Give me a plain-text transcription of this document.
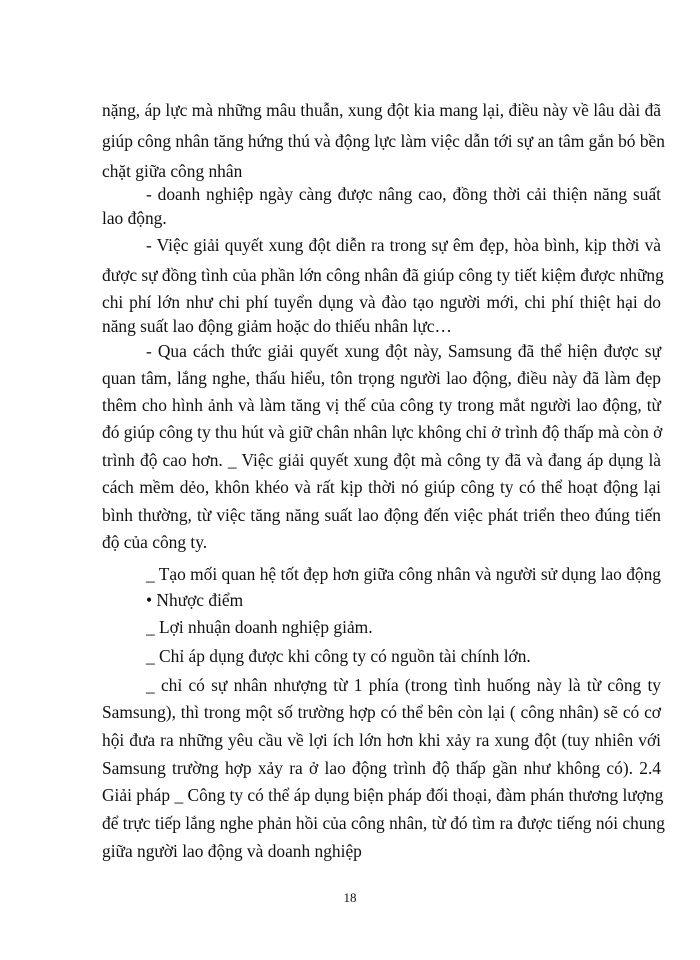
nặng, áp lực mà những mâu thuẫn, xung đột kia mang lại, điều này về lâu dài đã
giúp công nhân tăng hứng thú và động lực làm việc dẫn tới sự an tâm gắn bó bền
chặt giữa công nhân
- doanh nghiệp ngày càng được nâng cao, đồng thời cải thiện năng suất
lao động.
- Việc giải quyết xung đột diễn ra trong sự êm đẹp, hòa bình, kịp thời và
được sự đồng tình của phần lớn công nhân đã giúp công ty tiết kiệm được những
chi phí lớn như chi phí tuyển dụng và đào tạo người mới, chi phí thiệt hại do
năng suất lao động giảm hoặc do thiếu nhân lực…
- Qua cách thức giải quyết xung đột này, Samsung đã thể hiện được sự
quan tâm, lắng nghe, thấu hiểu, tôn trọng người lao động, điều này đã làm đẹp
thêm cho hình ảnh và làm tăng vị thế của công ty trong mắt người lao động, từ
đó giúp công ty thu hút và giữ chân nhân lực không chỉ ở trình độ thấp mà còn ở
trình độ cao hơn. _ Việc giải quyết xung đột mà công ty đã và đang áp dụng là
cách mềm dẻo, khôn khéo và rất kịp thời nó giúp công ty có thể hoạt động lại
bình thường, từ việc tăng năng suất lao động đến việc phát triển theo đúng tiến
độ của công ty.
_ Tạo mối quan hệ tốt đẹp hơn giữa công nhân và người sử dụng lao động
• Nhược điểm
_ Lợi nhuận doanh nghiệp giảm.
_ Chỉ áp dụng được khi công ty có nguồn tài chính lớn.
_ chỉ có sự nhân nhượng từ 1 phía (trong tình huống này là từ công ty
Samsung), thì trong một số trường hợp có thể bên còn lại ( công nhân) sẽ có cơ
hội đưa ra những yêu cầu về lợi ích lớn hơn khi xảy ra xung đột (tuy nhiên với
Samsung trường hợp xảy ra ở lao động trình độ thấp gần như không có). 2.4
Giải pháp _ Công ty có thể áp dụng biện pháp đối thoại, đàm phán thương lượng
để trực tiếp lắng nghe phản hồi của công nhân, từ đó tìm ra được tiếng nói chung
giữa người lao động và doanh nghiệp
18
